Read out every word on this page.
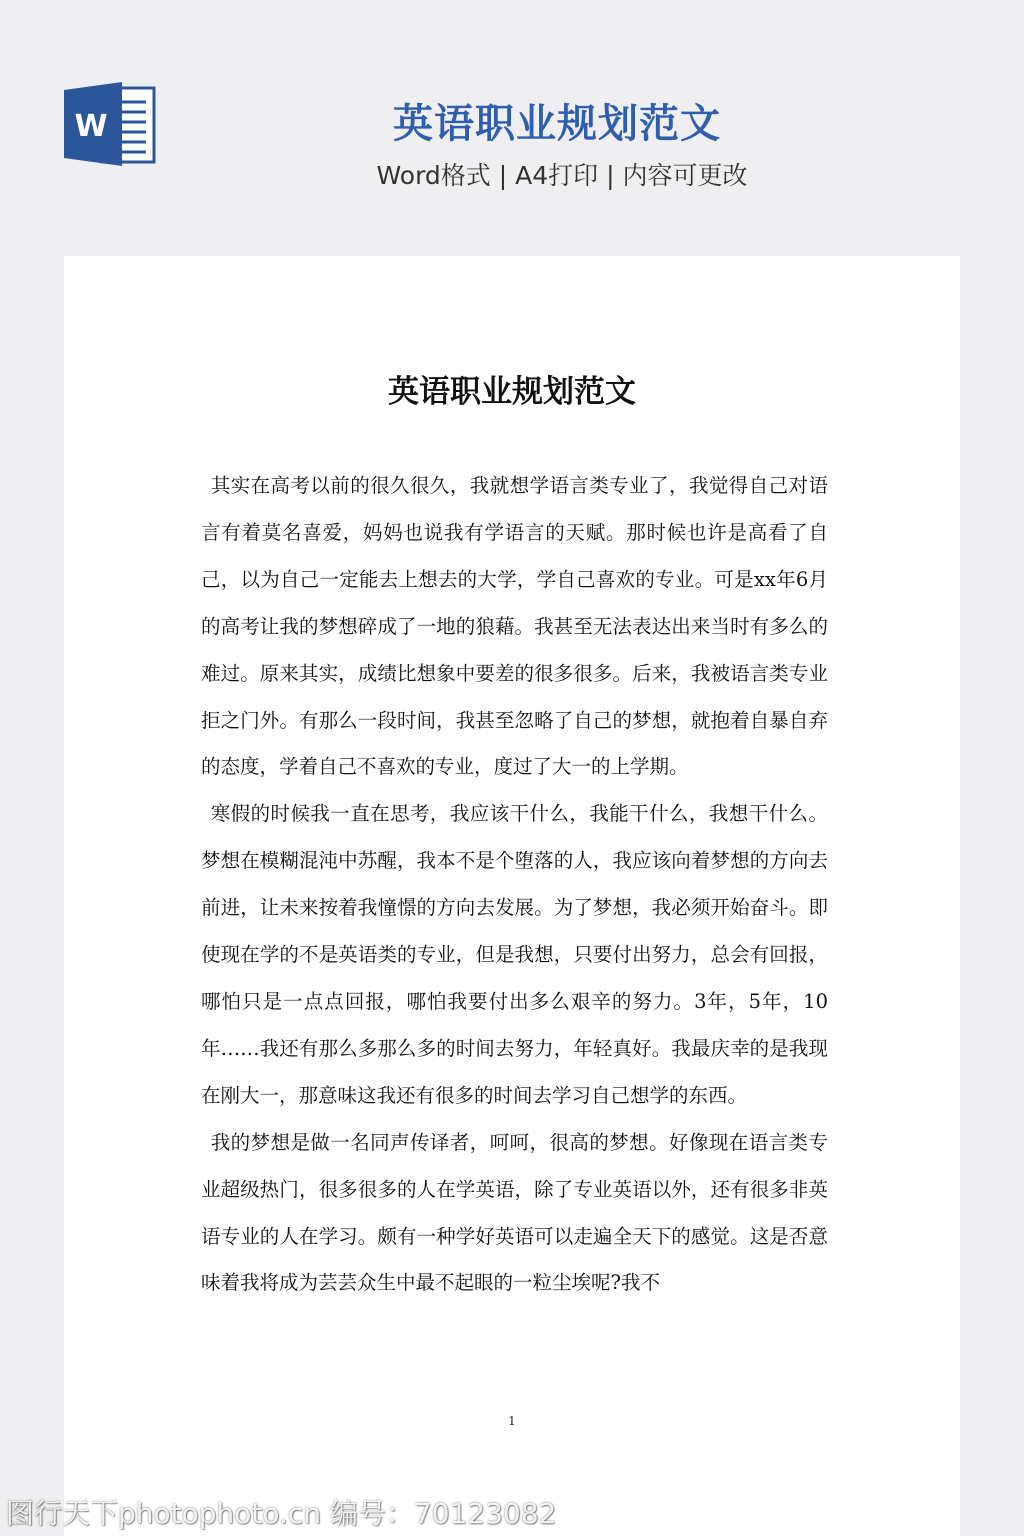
W	英语职业规划范文
Word格式 | A4打印 | 内容可更改
英语职业规划范文

其实在高考以前的很久很久，我就想学语言类专业了，我觉得自己对语言有着莫名喜爱，妈妈也说我有学语言的天赋。那时候也许是高看了自己，以为自己一定能去上想去的大学，学自己喜欢的专业。可是xx年6月的高考让我的梦想碎成了一地的狼藉。我甚至无法表达出来当时有多么的难过。原来其实，成绩比想象中要差的很多很多。后来，我被语言类专业拒之门外。有那么一段时间，我甚至忽略了自己的梦想，就抱着自暴自弃的态度，学着自己不喜欢的专业，度过了大一的上学期。

寒假的时候我一直在思考，我应该干什么，我能干什么，我想干什么。梦想在模糊混沌中苏醒，我本不是个堕落的人，我应该向着梦想的方向去前进，让未来按着我憧憬的方向去发展。为了梦想，我必须开始奋斗。即使现在学的不是英语类的专业，但是我想，只要付出努力，总会有回报，哪怕只是一点点回报，哪怕我要付出多么艰辛的努力。3年，5年，10年……我还有那么多那么多的时间去努力，年轻真好。我最庆幸的是我现在刚大一，那意味这我还有很多的时间去学习自己想学的东西。

我的梦想是做一名同声传译者，呵呵，很高的梦想。好像现在语言类专业超级热门，很多很多的人在学英语，除了专业英语以外，还有很多非英语专业的人在学习。颇有一种学好英语可以走遍全天下的感觉。这是否意味着我将成为芸芸众生中最不起眼的一粒尘埃呢?我不

1
图行天下photophoto.cn 编号：70123082
